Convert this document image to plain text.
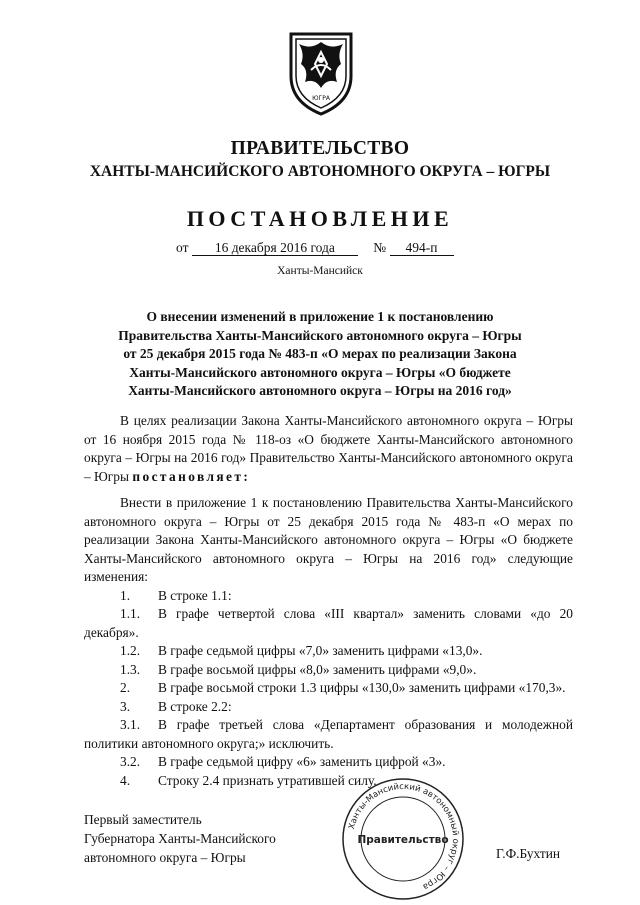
ЮГРА
ПРАВИТЕЛЬСТВО
ХАНТЫ-МАНСИЙСКОГО АВТОНОМНОГО ОКРУГА – ЮГРЫ
ПОСТАНОВЛЕНИЕ
от 16 декабря 2016 года	№ 494-п
Ханты-Мансийск
О внесении изменений в приложение 1 к постановлению
Правительства Ханты-Мансийского автономного округа – Югры
от 25 декабря 2015 года № 483-п «О мерах по реализации Закона
Ханты-Мансийского автономного округа – Югры «О бюджете
Ханты-Мансийского автономного округа – Югры на 2016 год»

В целях реализации Закона Ханты-Мансийского автономного округа – Югры от 16 ноября 2015 года № 118-оз «О бюджете Ханты-Мансийского автономного округа – Югры на 2016 год» Правительство Ханты-Мансийского автономного округа – Югры постановляет:

Внести в приложение 1 к постановлению Правительства Ханты-Мансийского автономного округа – Югры от 25 декабря 2015 года № 483-п «О мерах по реализации Закона Ханты-Мансийского автономного округа – Югры «О бюджете Ханты-Мансийского автономного округа – Югры на 2016 год» следующие изменения:

1. В строке 1.1:

1.1. В графе четвертой слова «III квартал» заменить словами «до 20 декабря».

1.2. В графе седьмой цифры «7,0» заменить цифрами «13,0».

1.3. В графе восьмой цифры «8,0» заменить цифрами «9,0».

2. В графе восьмой строки 1.3 цифры «130,0» заменить цифрами «170,3».

3. В строке 2.2:

3.1. В графе третьей слова «Департамент образования и молодежной политики автономного округа;» исключить.

3.2. В графе седьмой цифру «6» заменить цифрой «3».

4. Строку 2.4 признать утратившей силу.

Ханты-Мансийский автономный округ – Югра
Правительство
Первый заместитель
Губернатора Ханты-Мансийского
автономного округа – Югры	Г.Ф.Бухтин
